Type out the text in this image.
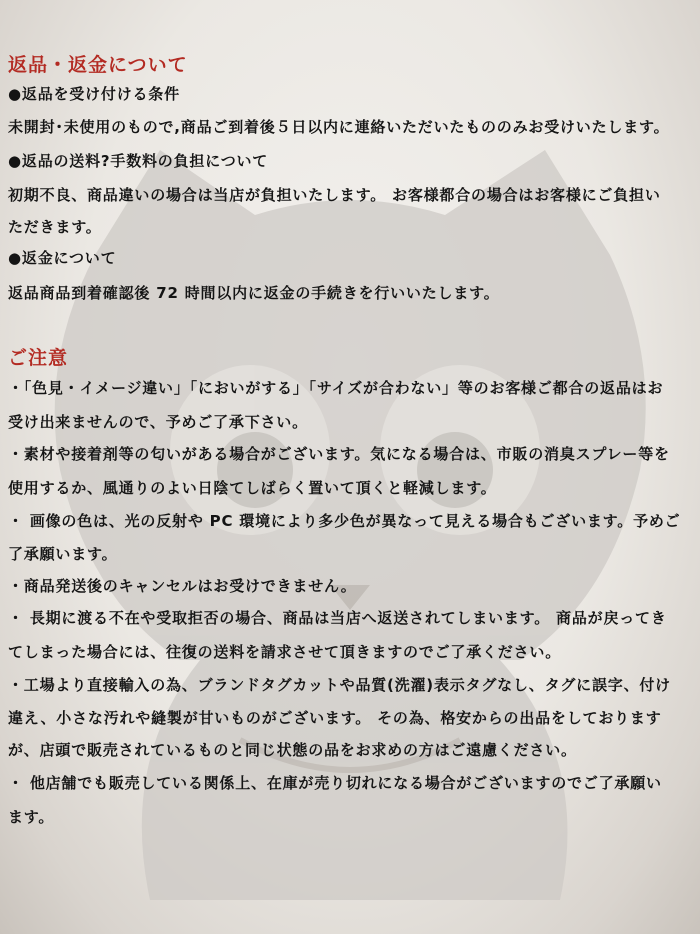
返品・返金について
●返品を受け付ける条件
未開封･未使用のもので,商品ご到着後５日以内に連絡いただいたもののみお受けいたします。
●返品の送料?手数料の負担について
初期不良、商品違いの場合は当店が負担いたします。 お客様都合の場合はお客様にご負担い
ただきます。
●返金について
返品商品到着確認後 72 時間以内に返金の手続きを行いいたします。
ご注意
・「色見・イメージ違い」「においがする」「サイズが合わない」等のお客様ご都合の返品はお
受け出来ませんので、予めご了承下さい。
・素材や接着剤等の匂いがある場合がございます。気になる場合は、市販の消臭スプレー等を
使用するか、風通りのよい日陰てしばらく置いて頂くと軽減します。
・ 画像の色は、光の反射や PC 環境により多少色が異なって見える場合もございます。予めご
了承願います。
・商品発送後のキャンセルはお受けできません。
・ 長期に渡る不在や受取拒否の場合、商品は当店へ返送されてしまいます。 商品が戻ってき
てしまった場合には、往復の送料を請求させて頂きますのでご了承ください。
・工場より直接輸入の為、ブランドタグカットや品質(洗濯)表示タグなし、タグに誤字、付け
違え、小さな汚れや縫製が甘いものがございます。 その為、格安からの出品をしております
が、店頭で販売されているものと同じ状態の品をお求めの方はご遠慮ください。
・ 他店舗でも販売している関係上、在庫が売り切れになる場合がございますのでご了承願い
ます。
